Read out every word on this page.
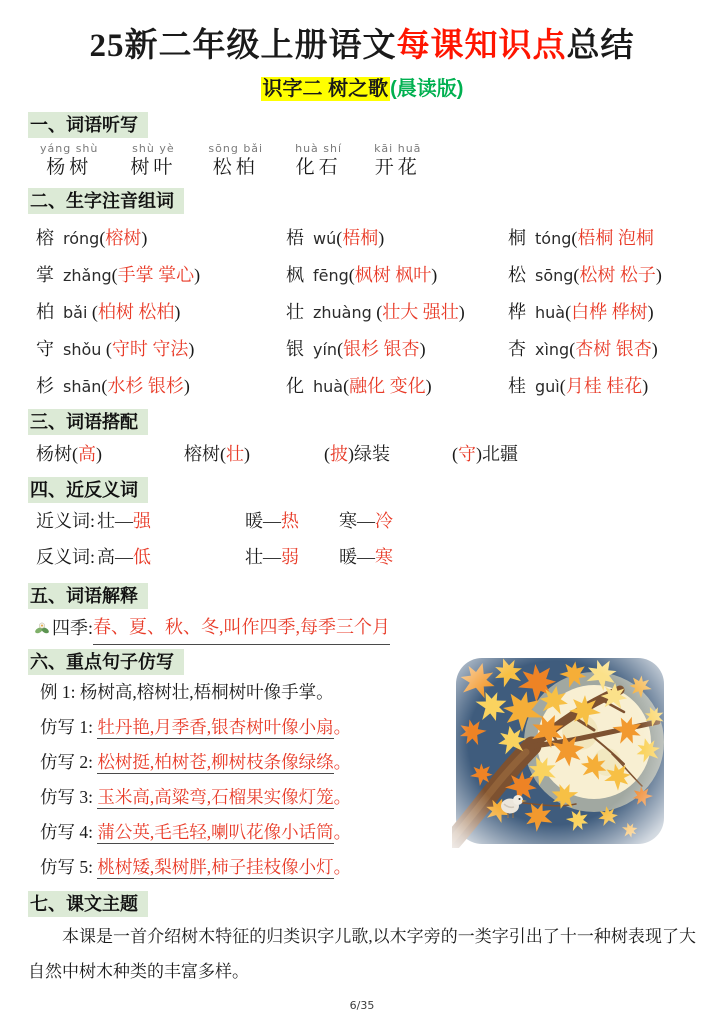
25新二年级上册语文每课知识点总结
识字二 树之歌 (晨读版)
一、词语听写
yáng shù
杨树
shù yè
树叶
sōng bǎi
松柏
huà shí
化石
kāi huā
开花
二、生字注音组词
榕 róng(榕树)	梧 wú(梧桐)	桐 tóng(梧桐 泡桐
掌 zhǎng(手掌 掌心)	枫 fēng(枫树 枫叶)	松 sōng(松树 松子)
柏 bǎi (柏树 松柏)	壮 zhuàng (壮大 强壮)	桦 huà(白桦 桦树)
守 shǒu (守时 守法)	银 yín(银杉 银杏)	杏 xìng(杏树 银杏)
杉 shān(水杉 银杉)	化 huà(融化 变化)	桂 guì(月桂 桂花)
三、词语搭配
杨树(高)	榕树(壮)	(披)绿装	(守)北疆
四、近反义词
近义词: 壮—强	暖—热	寒—冷
反义词: 高—低	壮—弱	暖—寒
五、词语解释
四季: 春、夏、秋、冬,叫作四季,每季三个月
六、重点句子仿写
例 1: 杨树高,榕树壮,梧桐树叶像手掌。
仿写 1: 牡丹艳,月季香,银杏树叶像小扇。
仿写 2: 松树挺,柏树苍,柳树枝条像绿绦。
仿写 3: 玉米高,高粱弯,石榴果实像灯笼。
仿写 4: 蒲公英,毛毛轻,喇叭花像小话筒。
仿写 5: 桃树矮,梨树胖,柿子挂枝像小灯。
七、课文主题

本课是一首介绍树木特征的归类识字儿歌,以木字旁的一类字引出了十一种树表现了大自然中树木种类的丰富多样。

6/35
